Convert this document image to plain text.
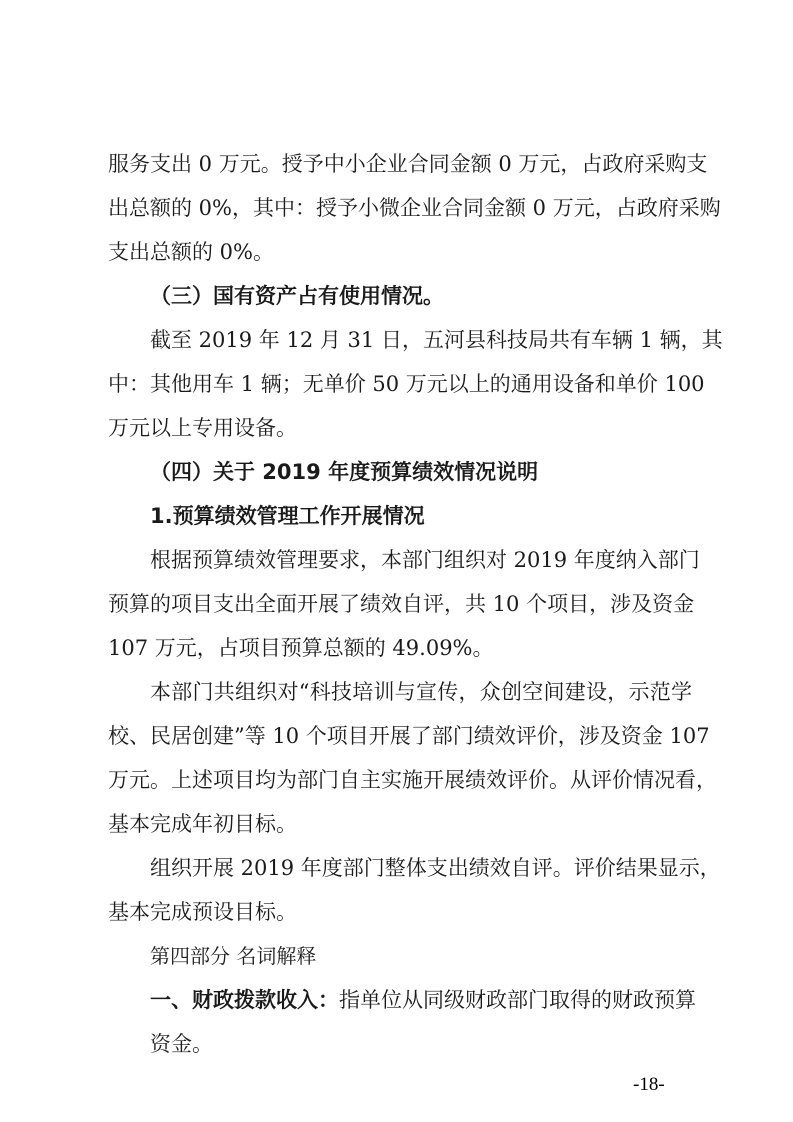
服务支出 0 万元。授予中小企业合同金额 0 万元，占政府采购支
出总额的 0%，其中：授予小微企业合同金额 0 万元，占政府采购
支出总额的 0%。
（三）国有资产占有使用情况。
截至 2019 年 12 月 31 日，五河县科技局共有车辆 1 辆，其
中：其他用车 1 辆；无单价 50 万元以上的通用设备和单价 100
万元以上专用设备。
（四）关于 2019 年度预算绩效情况说明
1.预算绩效管理工作开展情况
根据预算绩效管理要求，本部门组织对 2019 年度纳入部门
预算的项目支出全面开展了绩效自评，共 10 个项目，涉及资金
107 万元，占项目预算总额的 49.09%。
本部门共组织对“科技培训与宣传，众创空间建设，示范学
校、民居创建”等 10 个项目开展了部门绩效评价，涉及资金 107
万元。上述项目均为部门自主实施开展绩效评价。从评价情况看，
基本完成年初目标。
组织开展 2019 年度部门整体支出绩效自评。评价结果显示，
基本完成预设目标。
第四部分 名词解释
一、财政拨款收入：指单位从同级财政部门取得的财政预算
资金。
-18-
